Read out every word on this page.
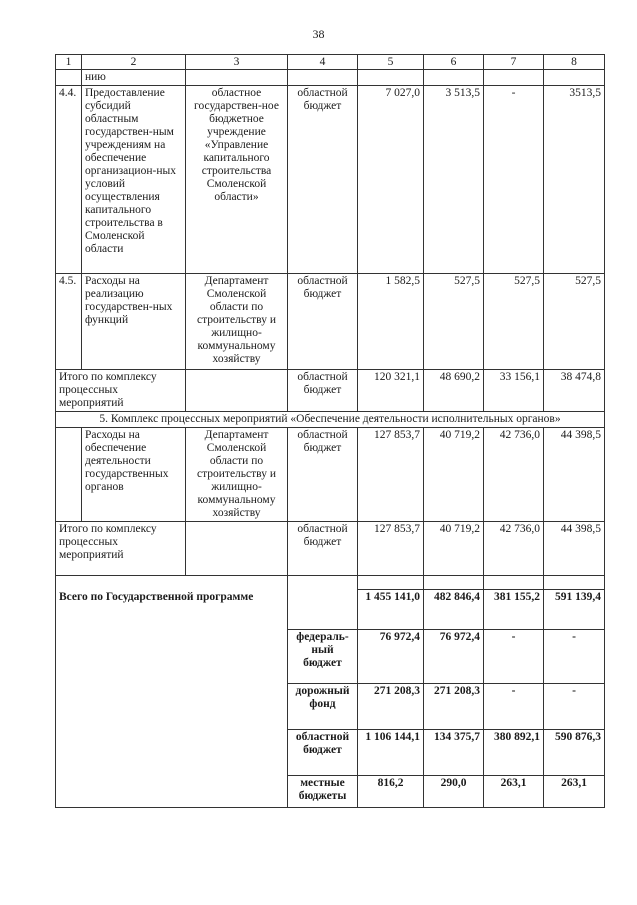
38
1	2	3	4	5	6	7	8
	нию						
4.4.	Предоставление субсидий областным государствен-ным учреждениям на обеспечение организацион-ных условий осуществления капитального строительства в Смоленской области	областное государствен-ное бюджетное учреждение «Управление капитального строительства Смоленской области»	областной бюджет	7 027,0	3 513,5	-	3513,5
4.5.	Расходы на реализацию государствен-ных функций	Департамент Смоленской области по строительству и жилищно-коммунальному хозяйству	областной бюджет	1 582,5	527,5	527,5	527,5
Итого по комплексу процессных мероприятий			областной бюджет	120 321,1	48 690,2	33 156,1	38 474,8
5. Комплекс процессных мероприятий «Обеспечение деятельности исполнительных органов»							
	Расходы на обеспечение деятельности государственных органов	Департамент Смоленской области по строительству и жилищно-коммунальному хозяйству	областной бюджет	127 853,7	40 719,2	42 736,0	44 398,5
Итого по комплексу процессных мероприятий			областной бюджет	127 853,7	40 719,2	42 736,0	44 398,5

Всего по Государственной программе				1 455 141,0	482 846,4	381 155,2	591 139,4
			федераль-ный бюджет	76 972,4	76 972,4	-	-
			дорожный фонд	271 208,3	271 208,3	-	-
			областной бюджет	1 106 144,1	134 375,7	380 892,1	590 876,3
			местные бюджеты	816,2	290,0	263,1	263,1
